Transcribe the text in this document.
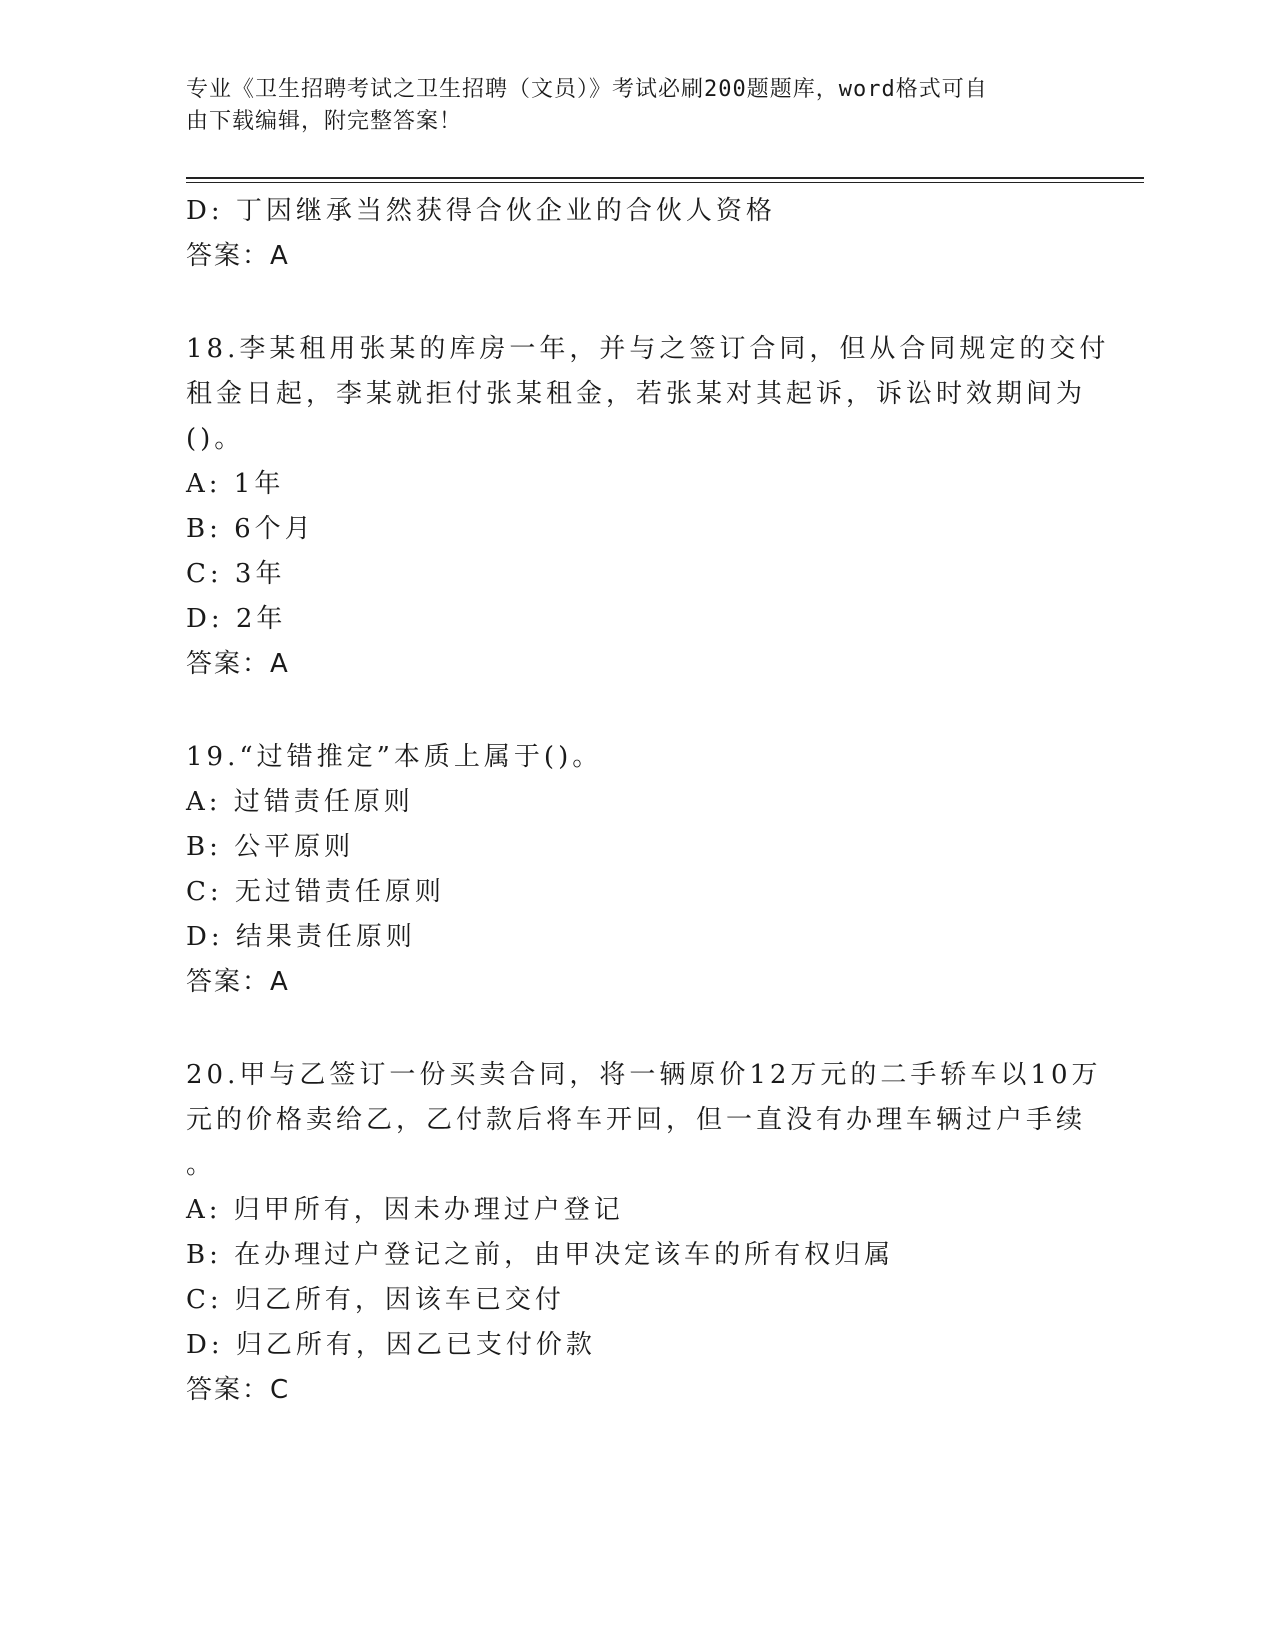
专业《卫生招聘考试之卫生招聘（文员）》考试必刷200题题库，word格式可自
由下载编辑，附完整答案！
D: 丁因继承当然获得合伙企业的合伙人资格
答案：A
18.李某租用张某的库房一年，并与之签订合同，但从合同规定的交付
租金日起，李某就拒付张某租金，若张某对其起诉，诉讼时效期间为
()。
A: 1年
B: 6个月
C: 3年
D: 2年
答案：A
19.“过错推定”本质上属于()。
A: 过错责任原则
B: 公平原则
C: 无过错责任原则
D: 结果责任原则
答案：A
20.甲与乙签订一份买卖合同，将一辆原价12万元的二手轿车以10万
元的价格卖给乙，乙付款后将车开回，但一直没有办理车辆过户手续
。
A: 归甲所有，因未办理过户登记
B: 在办理过户登记之前，由甲决定该车的所有权归属
C: 归乙所有，因该车已交付
D: 归乙所有，因乙已支付价款
答案：C
